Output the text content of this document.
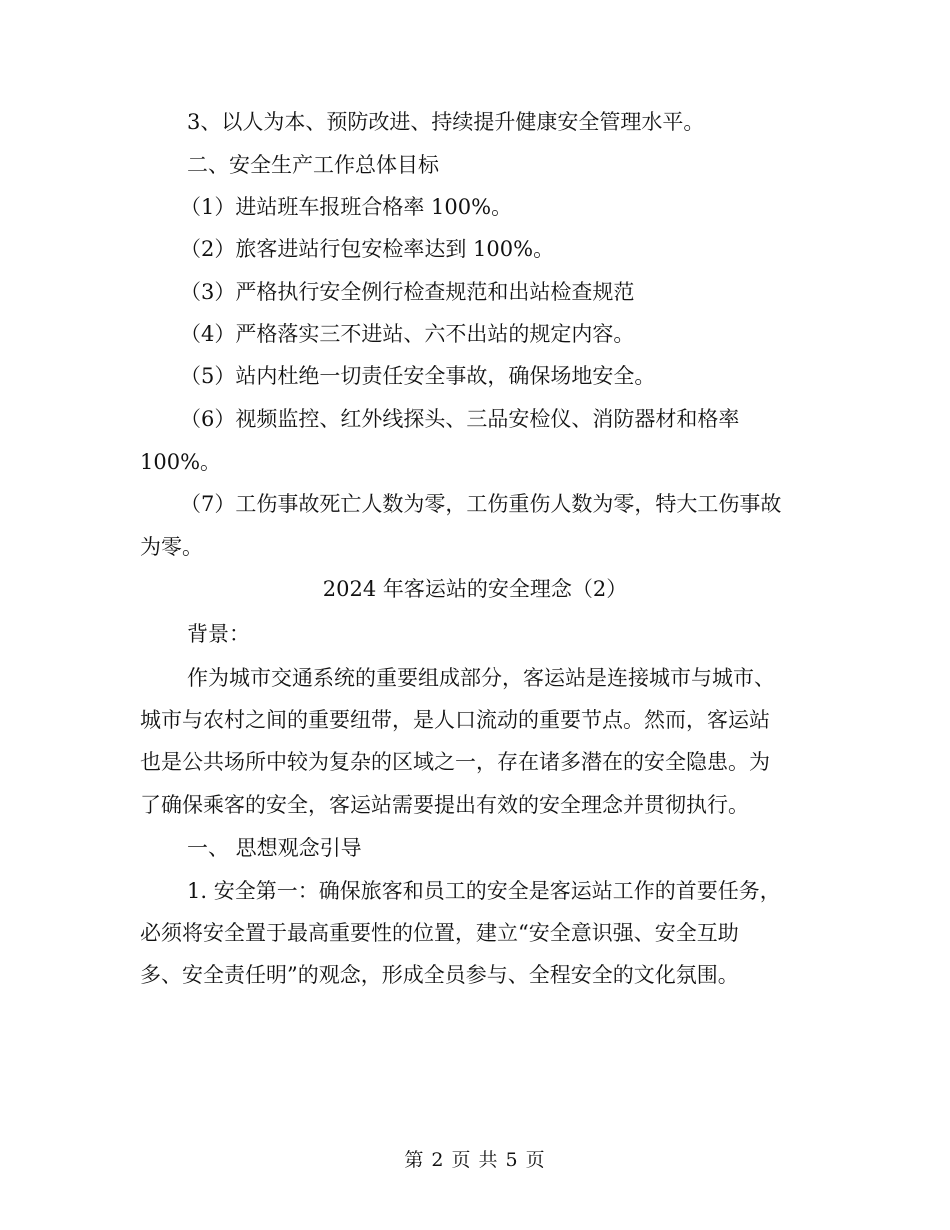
3、以人为本、预防改进、持续提升健康安全管理水平。
二、安全生产工作总体目标
（1）进站班车报班合格率 100%。
（2）旅客进站行包安检率达到 100%。
（3）严格执行安全例行检查规范和出站检查规范
（4）严格落实三不进站、六不出站的规定内容。
（5）站内杜绝一切责任安全事故，确保场地安全。
（6）视频监控、红外线探头、三品安检仪、消防器材和格率
100%。
（7）工伤事故死亡人数为零，工伤重伤人数为零，特大工伤事故
为零。
2024 年客运站的安全理念（2）
背景：
作为城市交通系统的重要组成部分，客运站是连接城市与城市、
城市与农村之间的重要纽带，是人口流动的重要节点。然而，客运站
也是公共场所中较为复杂的区域之一，存在诸多潜在的安全隐患。为
了确保乘客的安全，客运站需要提出有效的安全理念并贯彻执行。
一、 思想观念引导
1. 安全第一：确保旅客和员工的安全是客运站工作的首要任务，
必须将安全置于最高重要性的位置，建立“安全意识强、安全互助
多、安全责任明”的观念，形成全员参与、全程安全的文化氛围。
第 2 页 共 5 页
